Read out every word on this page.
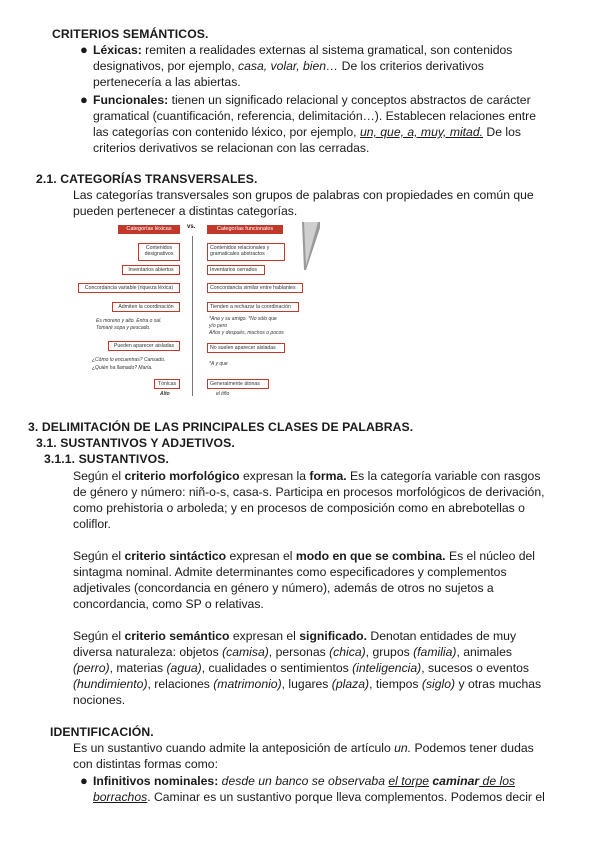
CRITERIOS SEMÁNTICOS.
● Léxicas: remiten a realidades externas al sistema gramatical, son contenidos
designativos, por ejemplo, casa, volar, bien… De los criterios derivativos
pertenecería a las abiertas.
● Funcionales: tienen un significado relacional y conceptos abstractos de carácter
gramatical (cuantificación, referencia, delimitación…). Establecen relaciones entre
las categorías con contenido léxico, por ejemplo, un, que, a, muy, mitad. De los
criterios derivativos se relacionan con las cerradas.
2.1. CATEGORÍAS TRANSVERSALES.
Las categorías transversales son grupos de palabras con propiedades en común que
pueden pertenecer a distintas categorías.
Categorías léxicas	vs.	Categorías funcionales
Contenidos designativos
Inventarios abiertos
Concordancia variable (riqueza léxica)
Admiten la coordinación
Es moreno y alto. Entra o sal.
Tomaré sopa y pescado.
Pueden aparecer aisladas
¿Cómo lo encuentras? Cansado.
¿Quién ha llamado? María.
Tónicas
Alto
Contenidos relacionales y gramaticales abstractos
Inventarios cerrados
Concordancia similar entre hablantes
Tienden a rechazar la coordinación
*Ana y su amigo. *No sólo que
y/o pero
Años y después, muchos o pocos
No suelen aparecer aisladas
*A y que
Generalmente átonas
el tiño
3. DELIMITACIÓN DE LAS PRINCIPALES CLASES DE PALABRAS.
3.1. SUSTANTIVOS Y ADJETIVOS.
3.1.1. SUSTANTIVOS.
Según el criterio morfológico expresan la forma. Es la categoría variable con rasgos
de género y número: niñ-o-s, casa-s. Participa en procesos morfológicos de derivación,
como prehistoria o arboleda; y en procesos de composición como en abrebotellas o
coliflor.
Según el criterio sintáctico expresan el modo en que se combina. Es el núcleo del
sintagma nominal. Admite determinantes como especificadores y complementos
adjetivales (concordancia en género y número), además de otros no sujetos a
concordancia, como SP o relativas.
Según el criterio semántico expresan el significado. Denotan entidades de muy
diversa naturaleza: objetos (camisa), personas (chica), grupos (familia), animales
(perro), materias (agua), cualidades o sentimientos (inteligencia), sucesos o eventos
(hundimiento), relaciones (matrimonio), lugares (plaza), tiempos (siglo) y otras muchas
nociones.
IDENTIFICACIÓN.
Es un sustantivo cuando admite la anteposición de artículo un. Podemos tener dudas
con distintas formas como:
● Infinitivos nominales: desde un banco se observaba el torpe caminar de los
borrachos. Caminar es un sustantivo porque lleva complementos. Podemos decir el
